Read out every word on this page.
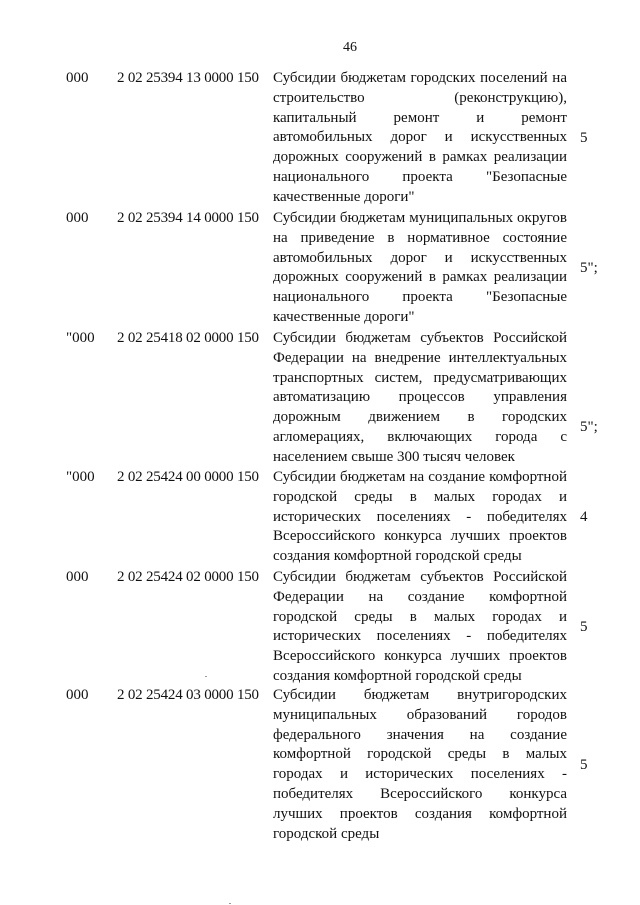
46
000 2 02 25394 13 0000 150 Субсидии бюджетам городских поселений на строительство (реконструкцию), капитальный ремонт и ремонт автомобильных дорог и искусственных дорожных сооружений в рамках реализации национального проекта "Безопасные качественные дороги"
5
000 2 02 25394 14 0000 150 Субсидии бюджетам муниципальных округов на приведение в нормативное состояние автомобильных дорог и искусственных дорожных сооружений в рамках реализации национального проекта "Безопасные качественные дороги"
5";
"000 2 02 25418 02 0000 150 Субсидии бюджетам субъектов Российской Федерации на внедрение интеллектуальных транспортных систем, предусматривающих автоматизацию процессов управления дорожным движением в городских агломерациях, включающих города с населением свыше 300 тысяч человек
5";
"000 2 02 25424 00 0000 150 Субсидии бюджетам на создание комфортной городской среды в малых городах и исторических поселениях - победителях Всероссийского конкурса лучших проектов создания комфортной городской среды
4
000 2 02 25424 02 0000 150 Субсидии бюджетам субъектов Российской Федерации на создание комфортной городской среды в малых городах и исторических поселениях - победителях Всероссийского конкурса лучших проектов создания комфортной городской среды
5
000 2 02 25424 03 0000 150 Субсидии бюджетам внутригородских муниципальных образований городов федерального значения на создание комфортной городской среды в малых городах и исторических поселениях - победителях Всероссийского конкурса лучших проектов создания комфортной городской среды
5
